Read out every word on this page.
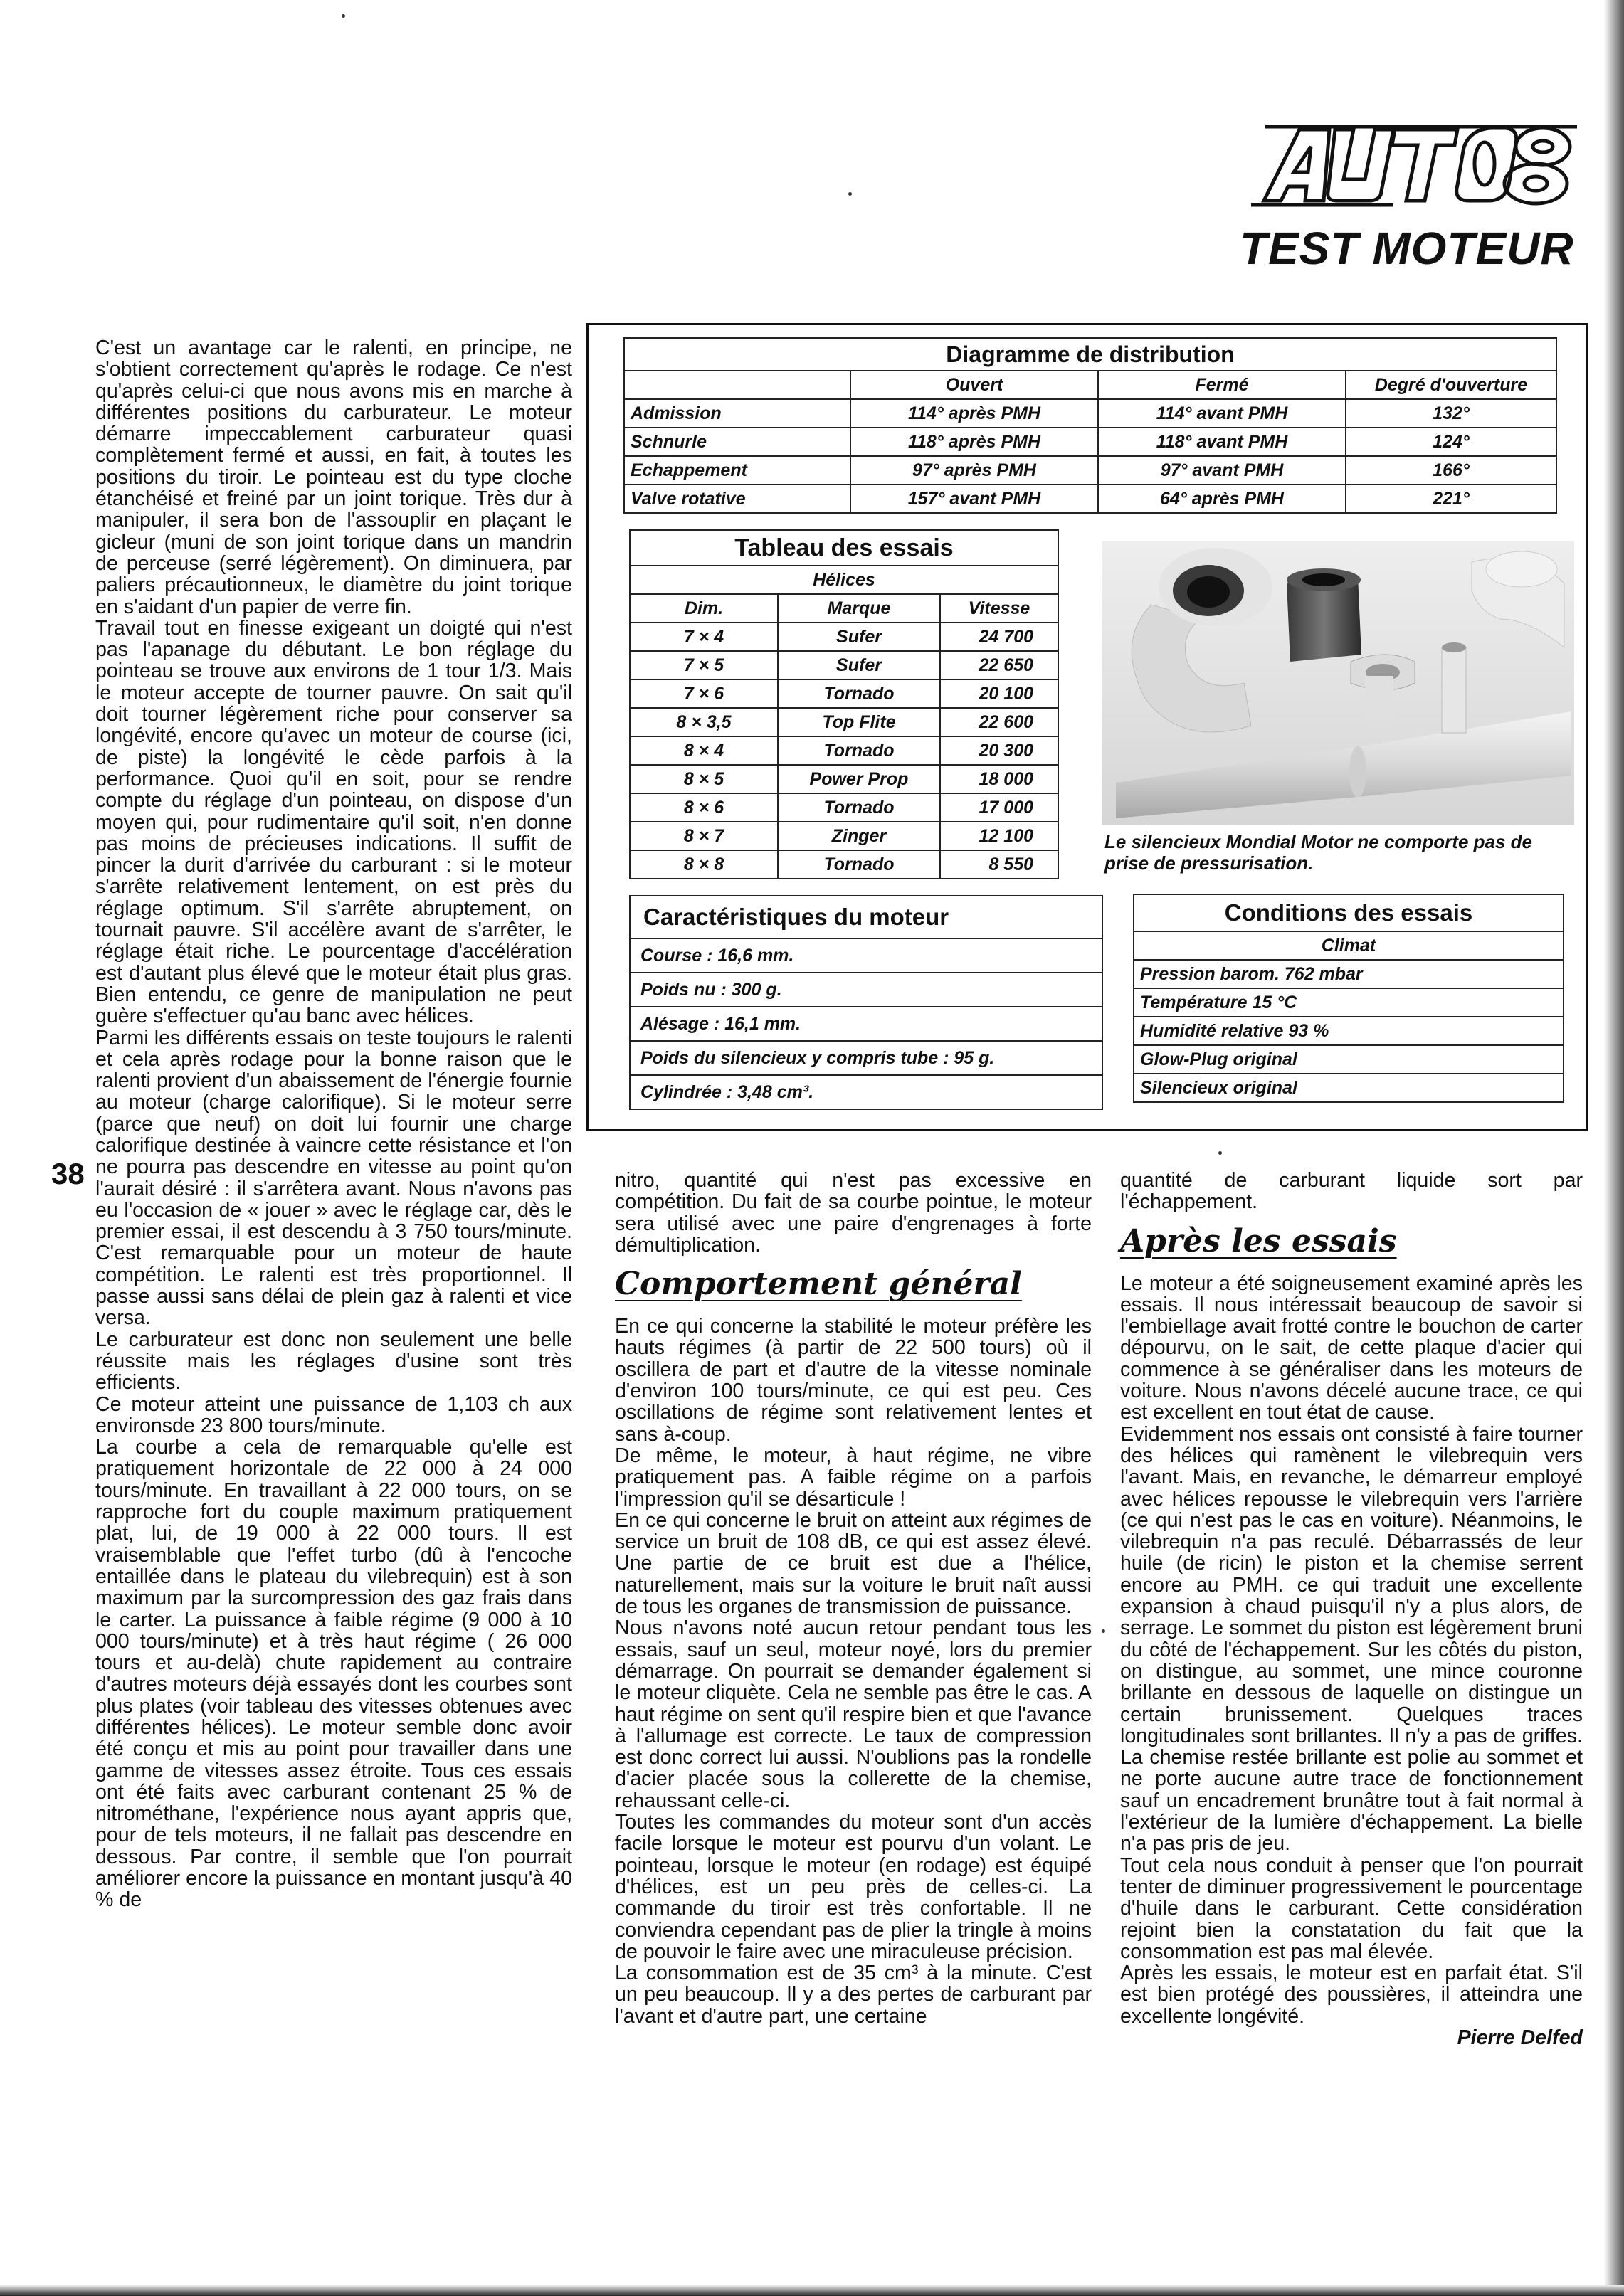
TEST MOTEUR
38
Diagramme de distribution			
	Ouvert	Fermé	Degré d'ouverture
Admission	114° après PMH	114° avant PMH	132°
Schnurle	118° après PMH	118° avant PMH	124°
Echappement	97° après PMH	97° avant PMH	166°
Valve rotative	157° avant PMH	64° après PMH	221°
Tableau des essais		
Hélices		
Dim.	Marque	Vitesse
7 × 4	Sufer	24 700
7 × 5	Sufer	22 650
7 × 6	Tornado	20 100
8 × 3,5	Top Flite	22 600
8 × 4	Tornado	20 300
8 × 5	Power Prop	18 000
8 × 6	Tornado	17 000
8 × 7	Zinger	12 100
8 × 8	Tornado	8 550
Le silencieux Mondial Motor ne comporte pas de prise de pressurisation.
Caractéristiques du moteur
Course : 16,6 mm.
Poids nu : 300 g.
Alésage : 16,1 mm.
Poids du silencieux y compris tube : 95 g.
Cylindrée : 3,48 cm³.
Conditions des essais
Climat
Pression barom. 762 mbar
Température 15 °C
Humidité relative 93 %
Glow-Plug original
Silencieux original

C'est un avantage car le ralenti, en principe, ne s'obtient correctement qu'après le rodage. Ce n'est qu'après celui-ci que nous avons mis en marche à différentes positions du carburateur. Le moteur démarre impeccablement carburateur quasi complètement fermé et aussi, en fait, à toutes les positions du tiroir. Le pointeau est du type cloche étanchéisé et freiné par un joint torique. Très dur à manipuler, il sera bon de l'assouplir en plaçant le gicleur (muni de son joint torique dans un mandrin de perceuse (serré légèrement). On diminuera, par paliers précautionneux, le diamètre du joint torique en s'aidant d'un papier de verre fin.

Travail tout en finesse exigeant un doigté qui n'est pas l'apanage du débutant. Le bon réglage du pointeau se trouve aux environs de 1 tour 1/3. Mais le moteur accepte de tourner pauvre. On sait qu'il doit tourner légèrement riche pour conserver sa longévité, encore qu'avec un moteur de course (ici, de piste) la longévité le cède parfois à la performance. Quoi qu'il en soit, pour se rendre compte du réglage d'un pointeau, on dispose d'un moyen qui, pour rudimentaire qu'il soit, n'en donne pas moins de précieuses indications. Il suffit de pincer la durit d'arrivée du carburant : si le moteur s'arrête relativement lentement, on est près du réglage optimum. S'il s'arrête abruptement, on tournait pauvre. S'il accélère avant de s'arrêter, le réglage était riche. Le pourcentage d'accélération est d'autant plus élevé que le moteur était plus gras. Bien entendu, ce genre de manipulation ne peut guère s'effectuer qu'au banc avec hélices.

Parmi les différents essais on teste toujours le ralenti et cela après rodage pour la bonne raison que le ralenti provient d'un abaissement de l'énergie fournie au moteur (charge calorifique). Si le moteur serre (parce que neuf) on doit lui fournir une charge calorifique destinée à vaincre cette résistance et l'on ne pourra pas descendre en vitesse au point qu'on l'aurait désiré : il s'arrêtera avant. Nous n'avons pas eu l'occasion de « jouer » avec le réglage car, dès le premier essai, il est descendu à 3 750 tours/minute. C'est remarquable pour un moteur de haute compétition. Le ralenti est très proportionnel. Il passe aussi sans délai de plein gaz à ralenti et vice versa.

Le carburateur est donc non seulement une belle réussite mais les réglages d'usine sont très efficients.

Ce moteur atteint une puissance de 1,103 ch aux environsde 23 800 tours/minute.

La courbe a cela de remarquable qu'elle est pratiquement horizontale de 22 000 à 24 000 tours/minute. En travaillant à 22 000 tours, on se rapproche fort du couple maximum pratiquement plat, lui, de 19 000 à 22 000 tours. Il est vraisemblable que l'effet turbo (dû à l'encoche entaillée dans le plateau du vilebrequin) est à son maximum par la surcompression des gaz frais dans le carter. La puissance à faible régime (9 000 à 10 000 tours/minute) et à très haut régime ( 26 000 tours et au-delà) chute rapidement au contraire d'autres moteurs déjà essayés dont les courbes sont plus plates (voir tableau des vitesses obtenues avec différentes hélices). Le moteur semble donc avoir été conçu et mis au point pour travailler dans une gamme de vitesses assez étroite. Tous ces essais ont été faits avec carburant contenant 25 % de nitrométhane, l'expérience nous ayant appris que, pour de tels moteurs, il ne fallait pas descendre en dessous. Par contre, il semble que l'on pourrait améliorer encore la puissance en montant jusqu'à 40 % de

nitro, quantité qui n'est pas excessive en compétition. Du fait de sa courbe pointue, le moteur sera utilisé avec une paire d'engrenages à forte démultiplication.

Comportement général

En ce qui concerne la stabilité le moteur préfère les hauts régimes (à partir de 22 500 tours) où il oscillera de part et d'autre de la vitesse nominale d'environ 100 tours/minute, ce qui est peu. Ces oscillations de régime sont relativement lentes et sans à-coup.

De même, le moteur, à haut régime, ne vibre pratiquement pas. A faible régime on a parfois l'impression qu'il se désarticule !

En ce qui concerne le bruit on atteint aux régimes de service un bruit de 108 dB, ce qui est assez élevé. Une partie de ce bruit est due a l'hélice, naturellement, mais sur la voiture le bruit naît aussi de tous les organes de transmission de puissance.

Nous n'avons noté aucun retour pendant tous les essais, sauf un seul, moteur noyé, lors du premier démarrage. On pourrait se demander également si le moteur cliquète. Cela ne semble pas être le cas. A haut régime on sent qu'il respire bien et que l'avance à l'allumage est correcte. Le taux de compression est donc correct lui aussi. N'oublions pas la rondelle d'acier placée sous la collerette de la chemise, rehaussant celle-ci.

Toutes les commandes du moteur sont d'un accès facile lorsque le moteur est pourvu d'un volant. Le pointeau, lorsque le moteur (en rodage) est équipé d'hélices, est un peu près de celles-ci. La commande du tiroir est très confortable. Il ne conviendra cependant pas de plier la tringle à moins de pouvoir le faire avec une miraculeuse précision.

La consommation est de 35 cm³ à la minute. C'est un peu beaucoup. Il y a des pertes de carburant par l'avant et d'autre part, une certaine

quantité de carburant liquide sort par l'échappement.

Après les essais

Le moteur a été soigneusement examiné après les essais. Il nous intéressait beaucoup de savoir si l'embiellage avait frotté contre le bouchon de carter dépourvu, on le sait, de cette plaque d'acier qui commence à se généraliser dans les moteurs de voiture. Nous n'avons décelé aucune trace, ce qui est excellent en tout état de cause.

Evidemment nos essais ont consisté à faire tourner des hélices qui ramènent le vilebrequin vers l'avant. Mais, en revanche, le démarreur employé avec hélices repousse le vilebrequin vers l'arrière (ce qui n'est pas le cas en voiture). Néanmoins, le vilebrequin n'a pas reculé. Débarrassés de leur huile (de ricin) le piston et la chemise serrent encore au PMH. ce qui traduit une excellente expansion à chaud puisqu'il n'y a plus alors, de serrage. Le sommet du piston est légèrement bruni du côté de l'échappement. Sur les côtés du piston, on distingue, au sommet, une mince couronne brillante en dessous de laquelle on distingue un certain brunissement. Quelques traces longitudinales sont brillantes. Il n'y a pas de griffes. La chemise restée brillante est polie au sommet et ne porte aucune autre trace de fonctionnement sauf un encadrement brunâtre tout à fait normal à l'extérieur de la lumière d'échappement. La bielle n'a pas pris de jeu.

Tout cela nous conduit à penser que l'on pourrait tenter de diminuer progressivement le pourcentage d'huile dans le carburant. Cette considération rejoint bien la constatation du fait que la consommation est pas mal élevée.

Après les essais, le moteur est en parfait état. S'il est bien protégé des poussières, il atteindra une excellente longévité.

Pierre Delfed
